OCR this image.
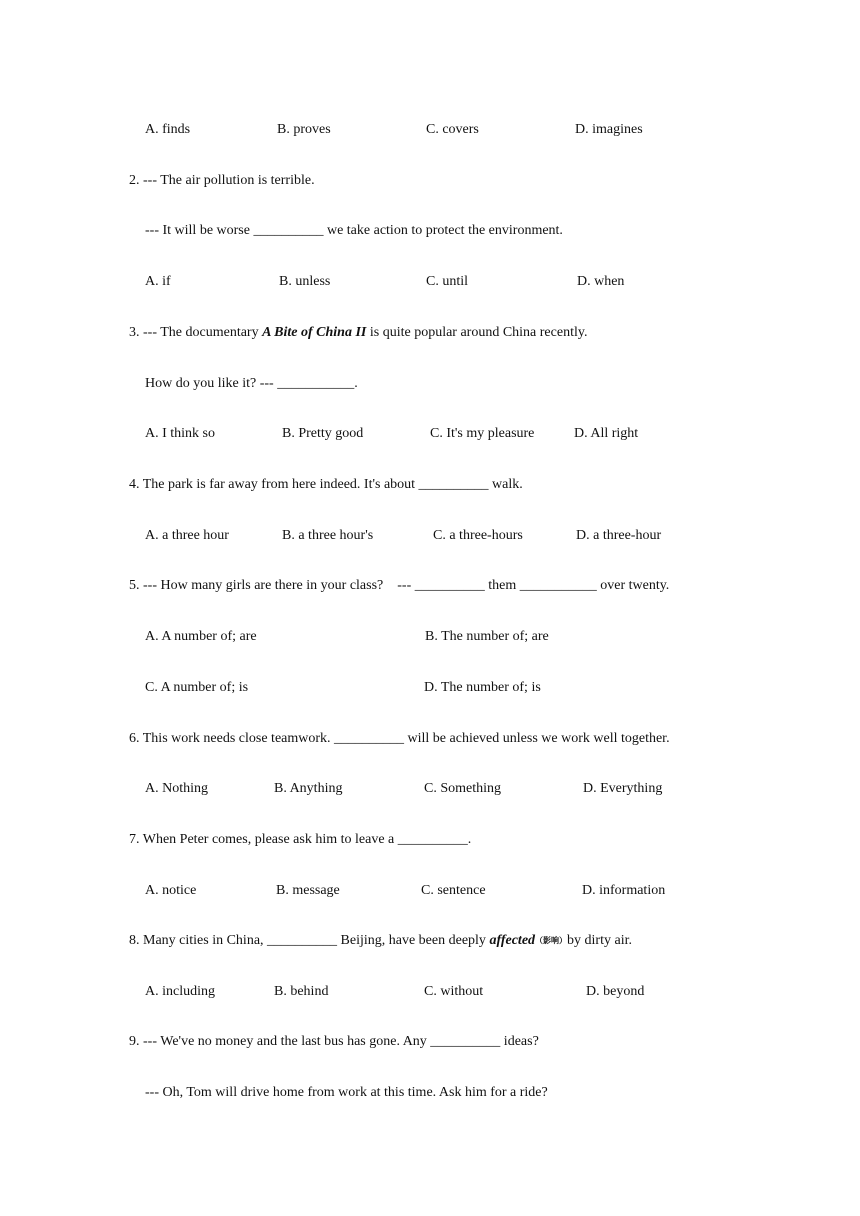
A. finds	B. proves	C. covers	D. imagines
2. --- The air pollution is terrible.
--- It will be worse __________ we take action to protect the environment.
A. if	B. unless	C. until	D. when
3. --- The documentary A Bite of China II is quite popular around China recently.
How do you like it? --- ___________.
A. I think so	B. Pretty good	C. It's my pleasure	D. All right
4. The park is far away from here indeed. It's about __________ walk.
A. a three hour	B. a three hour's	C. a three-hours	D. a three-hour
5. --- How many girls are there in your class?    --- __________ them ___________ over twenty.
A. A number of; are	B. The number of; are
C. A number of; is	D. The number of; is
6. This work needs close teamwork. __________ will be achieved unless we work well together.
A. Nothing	B. Anything	C. Something	D. Everything
7. When Peter comes, please ask him to leave a __________.
A. notice	B. message	C. sentence	D. information
8. Many cities in China, __________ Beijing, have been deeply affected（影响）by dirty air.
A. including	B. behind	C. without	D. beyond
9. --- We've no money and the last bus has gone. Any __________ ideas?
--- Oh, Tom will drive home from work at this time. Ask him for a ride?
